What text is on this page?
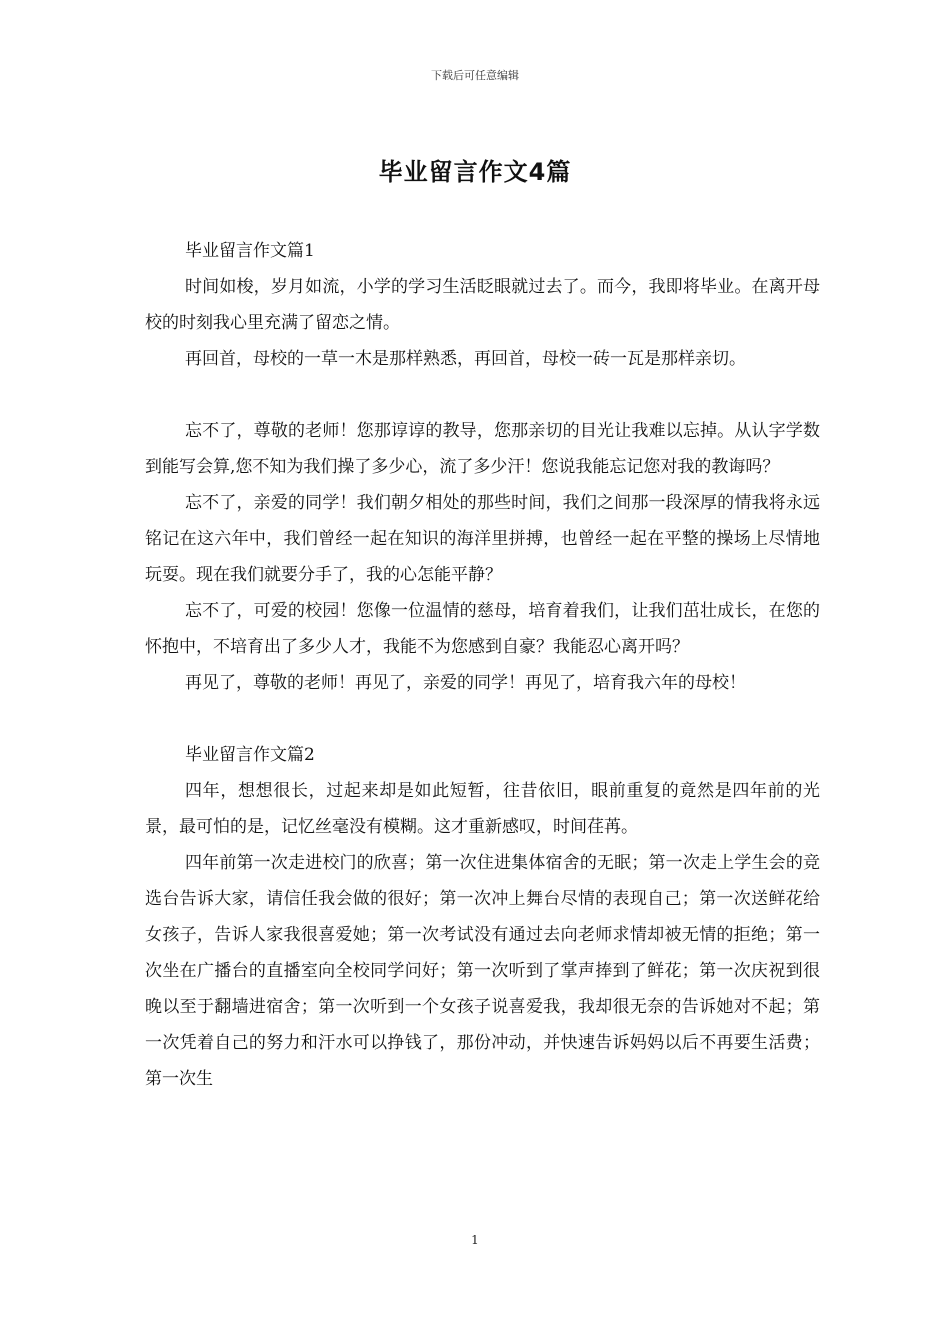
下载后可任意编辑
毕业留言作文4篇

毕业留言作文篇1

时间如梭，岁月如流，小学的学习生活眨眼就过去了。而今，我即将毕业。在离开母校的时刻我心里充满了留恋之情。

再回首，母校的一草一木是那样熟悉，再回首，母校一砖一瓦是那样亲切。

忘不了，尊敬的老师！您那谆谆的教导，您那亲切的目光让我难以忘掉。从认字学数到能写会算,您不知为我们操了多少心，流了多少汗！您说我能忘记您对我的教诲吗？

忘不了，亲爱的同学！我们朝夕相处的那些时间，我们之间那一段深厚的情我将永远铭记在这六年中，我们曾经一起在知识的海洋里拼搏，也曾经一起在平整的操场上尽情地玩耍。现在我们就要分手了，我的心怎能平静？

忘不了，可爱的校园！您像一位温情的慈母，培育着我们，让我们茁壮成长，在您的怀抱中，不培育出了多少人才，我能不为您感到自豪？我能忍心离开吗？

再见了，尊敬的老师！再见了，亲爱的同学！再见了，培育我六年的母校！

毕业留言作文篇2

四年，想想很长，过起来却是如此短暂，往昔依旧，眼前重复的竟然是四年前的光景，最可怕的是，记忆丝毫没有模糊。这才重新感叹，时间荏苒。

四年前第一次走进校门的欣喜；第一次住进集体宿舍的无眠；第一次走上学生会的竞选台告诉大家，请信任我会做的很好；第一次冲上舞台尽情的表现自己；第一次送鲜花给女孩子，告诉人家我很喜爱她；第一次考试没有通过去向老师求情却被无情的拒绝；第一次坐在广播台的直播室向全校同学问好；第一次听到了掌声捧到了鲜花；第一次庆祝到很晚以至于翻墙进宿舍；第一次听到一个女孩子说喜爱我，我却很无奈的告诉她对不起；第一次凭着自己的努力和汗水可以挣钱了，那份冲动，并快速告诉妈妈以后不再要生活费；第一次生

1
